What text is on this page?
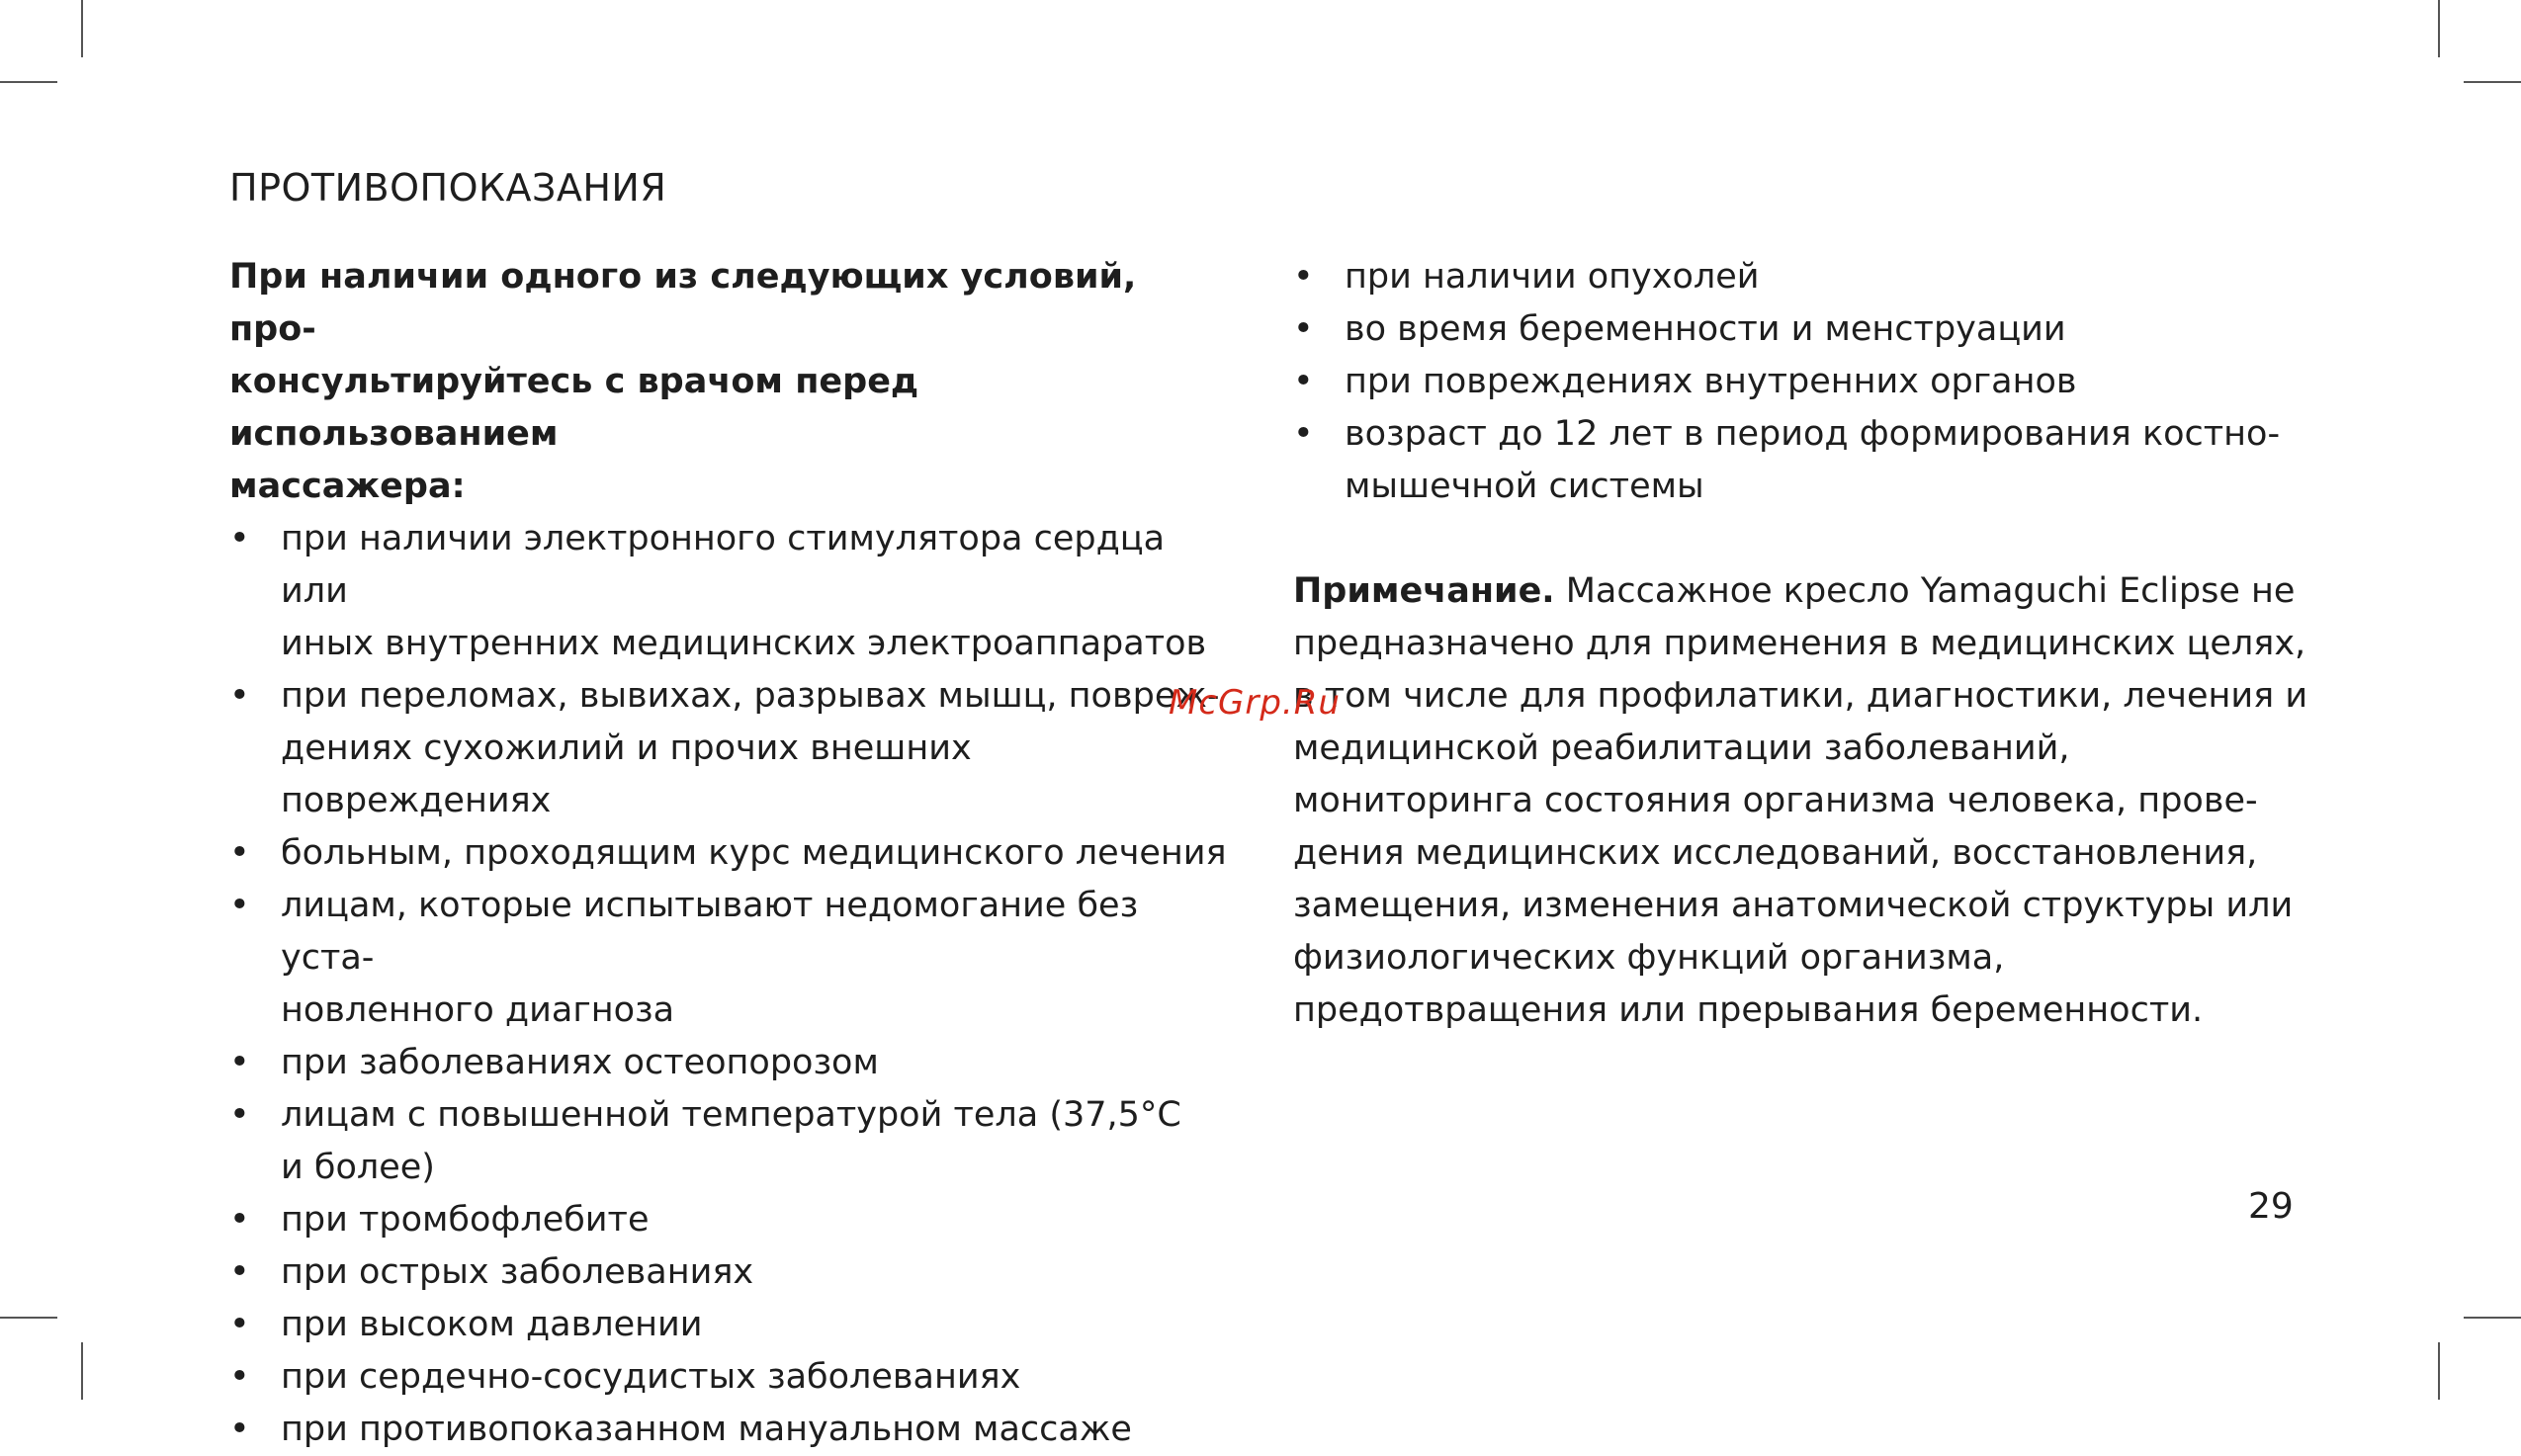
ПРОТИВОПОКАЗАНИЯ

При наличии одного из следующих условий, про-
консультируйтесь с врачом перед использованием
массажера:

• при наличии электронного стимулятора сердца или
иных внутренних медицинских электроаппаратов
• при переломах, вывихах, разрывах мышц, повреж-
дениях сухожилий и прочих внешних повреждениях
• больным, проходящим курс медицинского лечения
• лицам, которые испытывают недомогание без уста-
новленного диагноза
• при заболеваниях остеопорозом
• лицам с повышенной температурой тела (37,5°С
и более)
• при тромбофлебите
• при острых заболеваниях
• при высоком давлении
• при сердечно-сосудистых заболеваниях
• при противопоказанном мануальном массаже
• при наличии опухолей
• во время беременности и менструации
• при повреждениях внутренних органов
• возраст до 12 лет в период формирования костно-
мышечной системы

Примечание. Массажное кресло Yamaguchi Eclipse не предназначено для применения в медицинских целях, в том числе для профилатики, диагностики, лечения и медицинской реабилитации заболеваний, мониторинга состояния организма человека, прове-дения медицинских исследований, восстановления, замещения, изменения анатомической структуры или физиологических функций организма, предотвращения или прерывания беременности.

McGrp.Ru
29
